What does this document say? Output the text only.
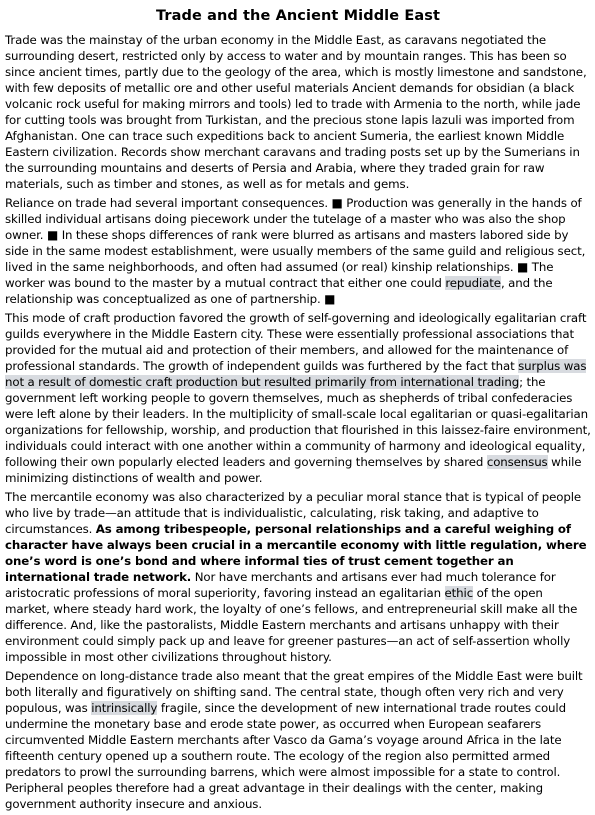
Trade and the Ancient Middle East

Trade was the mainstay of the urban economy in the Middle East, as caravans negotiated the surrounding desert, restricted only by access to water and by mountain ranges. This has been so since ancient times, partly due to the geology of the area, which is mostly limestone and sandstone, with few deposits of metallic ore and other useful materials Ancient demands for obsidian (a black volcanic rock useful for making mirrors and tools) led to trade with Armenia to the north, while jade for cutting tools was brought from Turkistan, and the precious stone lapis lazuli was imported from Afghanistan. One can trace such expeditions back to ancient Sumeria, the earliest known Middle Eastern civilization. Records show merchant caravans and trading posts set up by the Sumerians in the surrounding mountains and deserts of Persia and Arabia, where they traded grain for raw materials, such as timber and stones, as well as for metals and gems.

Reliance on trade had several important consequences. ■ Production was generally in the hands of skilled individual artisans doing piecework under the tutelage of a master who was also the shop owner. ■ In these shops differences of rank were blurred as artisans and masters labored side by side in the same modest establishment, were usually members of the same guild and religious sect, lived in the same neighborhoods, and often had assumed (or real) kinship relationships. ■ The worker was bound to the master by a mutual contract that either one could repudiate, and the relationship was conceptualized as one of partnership. ■

This mode of craft production favored the growth of self-governing and ideologically egalitarian craft guilds everywhere in the Middle Eastern city. These were essentially professional associations that provided for the mutual aid and protection of their members, and allowed for the maintenance of professional standards. The growth of independent guilds was furthered by the fact that surplus was not a result of domestic craft production but resulted primarily from international trading; the government left working people to govern themselves, much as shepherds of tribal confederacies were left alone by their leaders. In the multiplicity of small-scale local egalitarian or quasi-egalitarian organizations for fellowship, worship, and production that flourished in this laissez-faire environment, individuals could interact with one another within a community of harmony and ideological equality, following their own popularly elected leaders and governing themselves by shared consensus while minimizing distinctions of wealth and power.

The mercantile economy was also characterized by a peculiar moral stance that is typical of people who live by trade—an attitude that is individualistic, calculating, risk taking, and adaptive to circumstances. As among tribespeople, personal relationships and a careful weighing of character have always been crucial in a mercantile economy with little regulation, where one’s word is one’s bond and where informal ties of trust cement together an international trade network. Nor have merchants and artisans ever had much tolerance for aristocratic professions of moral superiority, favoring instead an egalitarian ethic of the open market, where steady hard work, the loyalty of one’s fellows, and entrepreneurial skill make all the difference. And, like the pastoralists, Middle Eastern merchants and artisans unhappy with their environment could simply pack up and leave for greener pastures—an act of self-assertion wholly impossible in most other civilizations throughout history.

Dependence on long-distance trade also meant that the great empires of the Middle East were built both literally and figuratively on shifting sand. The central state, though often very rich and very populous, was intrinsically fragile, since the development of new international trade routes could undermine the monetary base and erode state power, as occurred when European seafarers circumvented Middle Eastern merchants after Vasco da Gama’s voyage around Africa in the late fifteenth century opened up a southern route. The ecology of the region also permitted armed predators to prowl the surrounding barrens, which were almost impossible for a state to control. Peripheral peoples therefore had a great advantage in their dealings with the center, making government authority insecure and anxious.
